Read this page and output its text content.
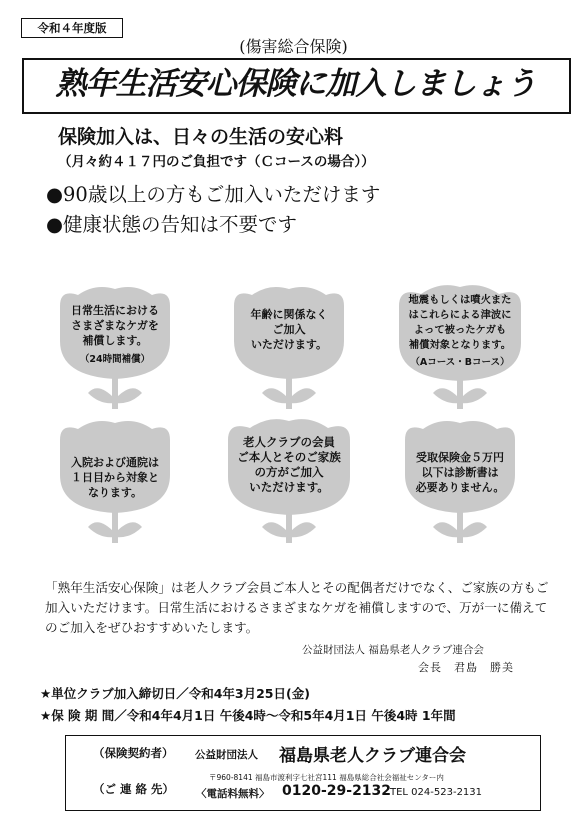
令和４年度版
(傷害総合保険)
熟年生活安心保険に加入しましょう
保険加入は、日々の生活の安心料
（月々約４１７円のご負担です（Ｃコースの場合））
●90歳以上の方もご加入いただけます
●健康状態の告知は不要です
日常生活における
さまざまなケガを
補償します。
（24時間補償）
年齢に関係なく
ご加入
いただけます。
地震もしくは噴火また
はこれらによる津波に
よって被ったケガも
補償対象となります。
（Aコース・Bコース）
入院および通院は
１日目から対象と
なります。
老人クラブの会員
ご本人とそのご家族
の方がご加入
いただけます。
受取保険金５万円
以下は診断書は
必要ありません。
「熟年生活安心保険」は老人クラブ会員ご本人とその配偶者だけでなく、ご家族の方もご加入いただけます。日常生活におけるさまざまなケガを補償しますので、万が一に備えてのご加入をぜひおすすめいたします。
公益財団法人 福島県老人クラブ連合会
会長　君島　勝美
★単位クラブ加入締切日／令和4年3月25日(金)
★保 険 期 間／令和4年4月1日 午後4時～令和5年4月1日 午後4時 1年間
（保険契約者） 公益財団法人 福島県老人クラブ連合会
（ご 連 絡 先）
〒960-8141 福島市渡利字七社宮111 福島県総合社会福祉センター内
〈電話料無料〉 0120-29-2132
TEL 024-523-2131
